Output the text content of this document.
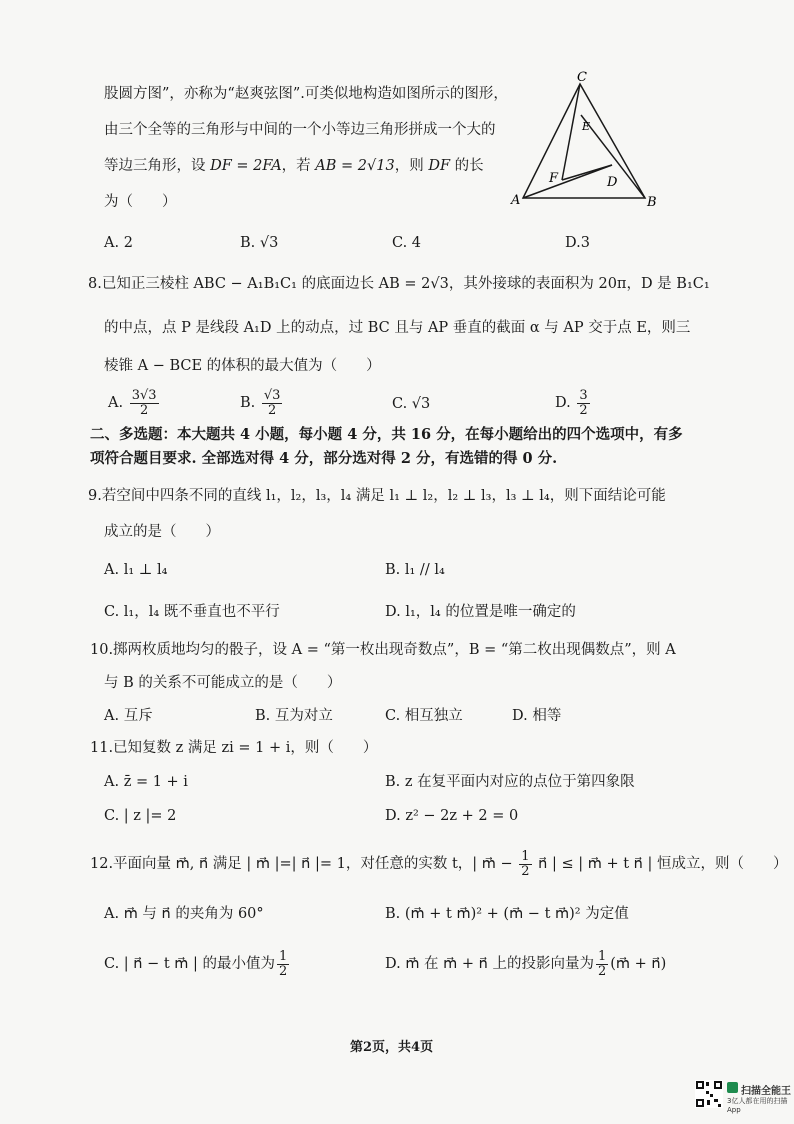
股圆方图”，亦称为“赵爽弦图”.可类似地构造如图所示的图形，
由三个全等的三角形与中间的一个小等边三角形拼成一个大的
等边三角形，设 DF = 2FA，若 AB = 2√13，则 DF 的长
为（　　）
A. 2	B. √3	C. 4	D.3
C
A	B
D
E
F
8.已知正三棱柱 ABC − A₁B₁C₁ 的底面边长 AB = 2√3，其外接球的表面积为 20π，D 是 B₁C₁
的中点，点 P 是线段 A₁D 上的动点，过 BC 且与 AP 垂直的截面 α 与 AP 交于点 E，则三
棱锥 A − BCE 的体积的最大值为（　　）
A. $\frac{3√3}{2}$	B. $\frac{√3}{2}$	C. √3	D. $\frac{3}{2}$
二、多选题：本大题共 4 小题，每小题 4 分，共 16 分，在每小题给出的四个选项中，有多
项符合题目要求. 全部选对得 4 分，部分选对得 2 分，有选错的得 0 分.
9.若空间中四条不同的直线 l₁，l₂，l₃，l₄ 满足 l₁ ⊥ l₂，l₂ ⊥ l₃，l₃ ⊥ l₄，则下面结论可能
成立的是（　　）
A. l₁ ⊥ l₄	B. l₁ // l₄
C. l₁，l₄ 既不垂直也不平行	D. l₁，l₄ 的位置是唯一确定的
10.掷两枚质地均匀的骰子，设 A = “第一枚出现奇数点”，B = “第二枚出现偶数点”，则 A
与 B 的关系不可能成立的是（　　）
A. 互斥	B. 互为对立	C. 相互独立	D. 相等
11.已知复数 z 满足 zi = 1 + i，则（　　）
A. z̄ = 1 + i	B. z 在复平面内对应的点位于第四象限
C. | z |= 2	D. z² − 2z + 2 = 0
12.平面向量 m⃗, n⃗ 满足 | m⃗ |=| n⃗ |= 1，对任意的实数 t，| m⃗ − $\frac{1}{2}$ n⃗ | ≤ | m⃗ + t n⃗ | 恒成立，则（　　）
A. m⃗ 与 n⃗ 的夹角为 60°	B. (m⃗ + t m⃗)² + (m⃗ − t m⃗)² 为定值
C. | n⃗ − t m⃗ | 的最小值为 $\frac{1}{2}$	D. m⃗ 在 m⃗ + n⃗ 上的投影向量为 $\frac{1}{2}$ (m⃗ + n⃗)
第2页，共4页
扫描全能王
3亿人都在用的扫描App
